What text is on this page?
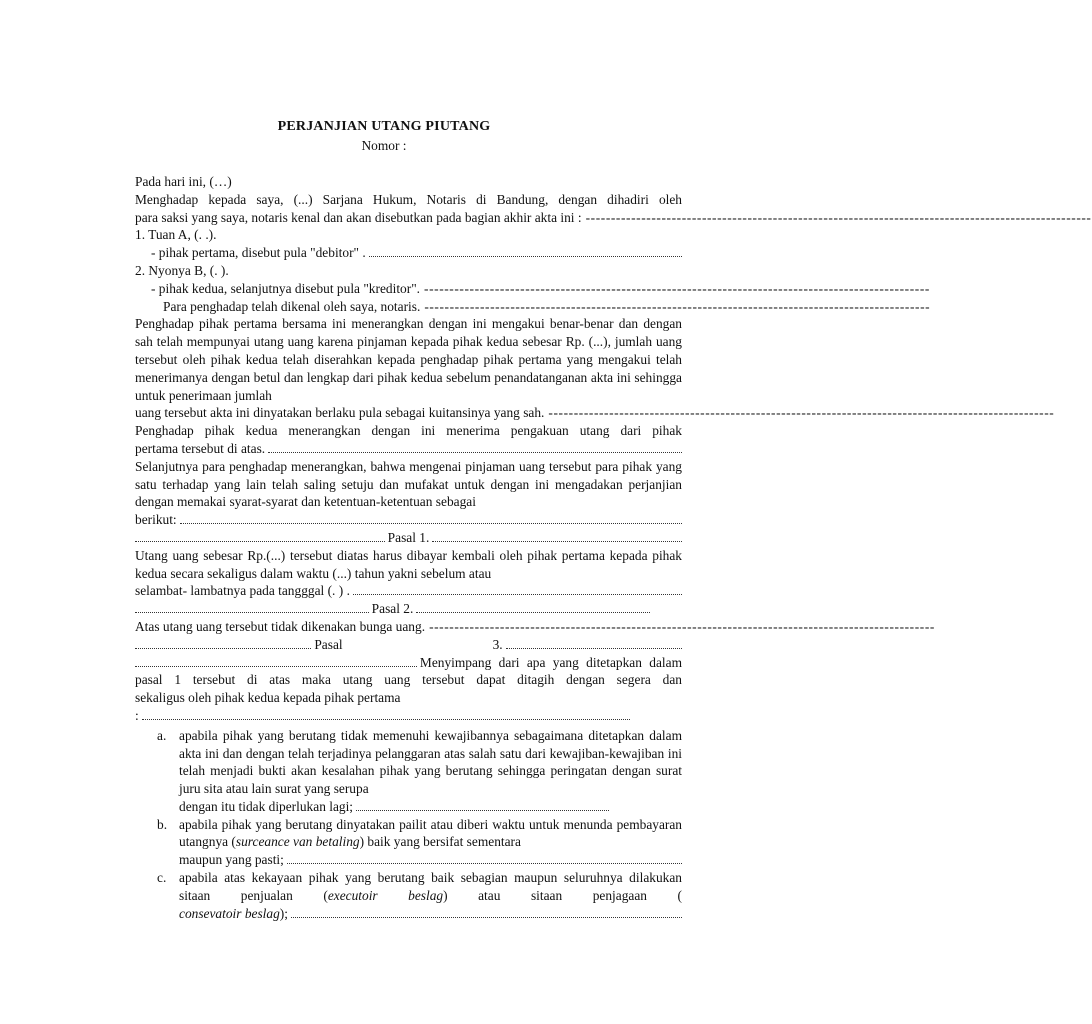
PERJANJIAN UTANG PIUTANG
Nomor :

Pada hari ini, (…)

Menghadap kepada saya, (...) Sarjana Hukum, Notaris di Bandung, dengan dihadiri oleh

para saksi yang saya, notaris kenal dan akan disebutkan pada bagian akhir akta ini : ----------------------------------------------------------------------------------------------------

1. Tuan A, (. .).

- pihak pertama, disebut pula "debitor" .

2. Nyonya B, (. ).

- pihak kedua, selanjutnya disebut pula "kreditor". ----------------------------------------------------------------------------------------------------
Para penghadap telah dikenal oleh saya, notaris. ----------------------------------------------------------------------------------------------------

Penghadap pihak pertama bersama ini menerangkan dengan ini mengakui benar-benar dan dengan sah telah mempunyai utang uang karena pinjaman kepada pihak kedua sebesar Rp. (...), jumlah uang tersebut oleh pihak kedua telah diserahkan kepada penghadap pihak pertama yang mengakui telah menerimanya dengan betul dan lengkap dari pihak kedua sebelum penandatanganan akta ini sehingga untuk penerimaan jumlah

uang tersebut akta ini dinyatakan berlaku pula sebagai kuitansinya yang sah. ----------------------------------------------------------------------------------------------------

Penghadap pihak kedua menerangkan dengan ini menerima pengakuan utang dari pihak

pertama tersebut di atas.

Selanjutnya para penghadap menerangkan, bahwa mengenai pinjaman uang tersebut para pihak yang satu terhadap yang lain telah saling setuju dan mufakat untuk dengan ini mengadakan perjanjian dengan memakai syarat-syarat dan ketentuan-ketentuan sebagai

berikut:
Pasal 1.

Utang uang sebesar Rp.(...) tersebut diatas harus dibayar kembali oleh pihak pertama kepada pihak kedua secara sekaligus dalam waktu (...) tahun yakni sebelum atau

selambat- lambatnya pada tangggal (. ) .
Pasal 2.
Atas utang uang tersebut tidak dikenakan bunga uang. ----------------------------------------------------------------------------------------------------
Pasal	3.
Menyimpang dari apa yang ditetapkan dalam

pasal 1 tersebut di atas maka utang uang tersebut dapat ditagih dengan segera dan

sekaligus oleh pihak kedua kepada pihak pertama

:
a. apabila pihak yang berutang tidak memenuhi kewajibannya sebagaimana ditetapkan dalam akta ini dan dengan telah terjadinya pelanggaran atas salah satu dari kewajiban-kewajiban ini telah menjadi bukti akan kesalahan pihak yang berutang sehingga peringatan dengan surat juru sita atau lain surat yang serupa

dengan itu tidak diperlukan lagi;
b. apabila pihak yang berutang dinyatakan pailit atau diberi waktu untuk menunda pembayaran utangnya (surceance van betaling) baik yang bersifat sementara

maupun yang pasti;
c. apabila atas kekayaan pihak yang berutang baik sebagian maupun seluruhnya dilakukan sitaan penjualan (executoir beslag) atau sitaan penjagaan (

consevatoir beslag );
